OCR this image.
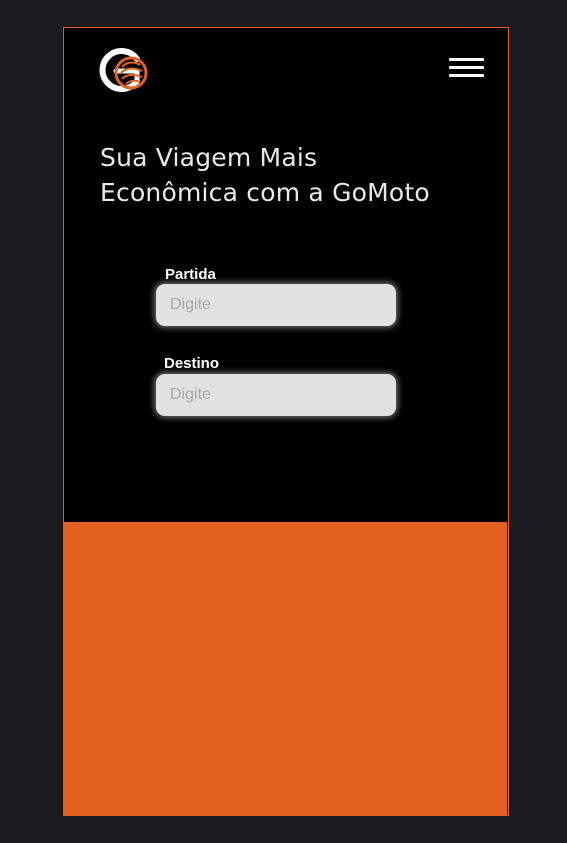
Sua Viagem Mais
Econômica com a GoMoto
Partida
Digite
Destino
Digite
